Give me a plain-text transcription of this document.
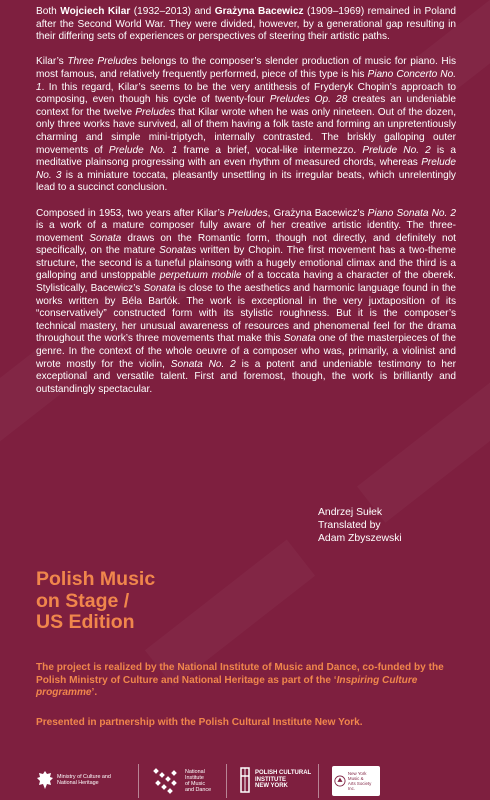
Both Wojciech Kilar (1932–2013) and Grażyna Bacewicz (1909–1969) remained in Poland after the Second World War. They were divided, however, by a generational gap resulting in their differing sets of experiences or perspectives of steering their artistic paths.

Kilar’s Three Preludes belongs to the composer’s slender production of music for piano. His most famous, and relatively frequently performed, piece of this type is his Piano Concerto No. 1. In this regard, Kilar’s seems to be the very antithesis of Fryderyk Chopin’s approach to composing, even though his cycle of twenty-four Preludes Op. 28 creates an undeniable context for the twelve Preludes that Kilar wrote when he was only nineteen. Out of the dozen, only three works have survived, all of them having a folk taste and forming an unpretentiously charming and simple mini-triptych, internally contrasted. The briskly galloping outer movements of Prelude No. 1 frame a brief, vocal-like intermezzo. Prelude No. 2 is a meditative plainsong progressing with an even rhythm of measured chords, whereas Prelude No. 3 is a miniature toccata, pleasantly unsettling in its irregular beats, which unrelentingly lead to a succinct conclusion.

Composed in 1953, two years after Kilar’s Preludes, Grażyna Bacewicz’s Piano Sonata No. 2 is a work of a mature composer fully aware of her creative artistic identity. The three-movement Sonata draws on the Romantic form, though not directly, and definitely not specifically, on the mature Sonatas written by Chopin. The first movement has a two-theme structure, the second is a tuneful plainsong with a hugely emotional climax and the third is a galloping and unstoppable perpetuum mobile of a toccata having a character of the oberek. Stylistically, Bacewicz’s Sonata is close to the aesthetics and harmonic language found in the works written by Béla Bartók. The work is exceptional in the very juxtaposition of its “conservatively” constructed form with its stylistic roughness. But it is the composer’s technical mastery, her unusual awareness of resources and phenomenal feel for the drama throughout the work’s three movements that make this Sonata one of the masterpieces of the genre. In the context of the whole oeuvre of a composer who was, primarily, a violinist and wrote mostly for the violin, Sonata No. 2 is a potent and undeniable testimony to her exceptional and versatile talent. First and foremost, though, the work is brilliantly and outstandingly spectacular.

Andrzej Sułek
Translated by
Adam Zbyszewski
Polish Music
on Stage /
US Edition
The project is realized by the National Institute of Music and Dance, co-funded by the Polish Ministry of Culture and National Heritage as part of the ‘Inspiring Culture programme’.
Presented in partnership with the Polish Cultural Institute New York.
Ministry of Culture and
National Heritage
National
Institute
of Music
and Dance
POLISH CULTURAL
INSTITUTE
NEW YORK
New York Music &
Arts Society Inc.
